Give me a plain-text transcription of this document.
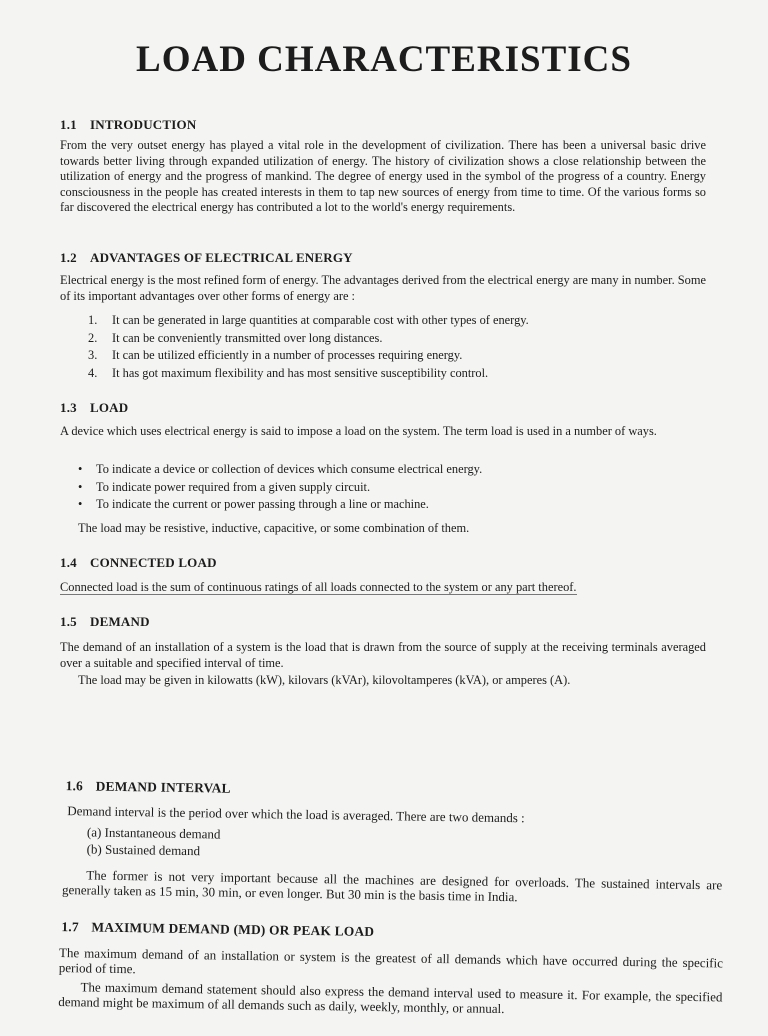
LOAD CHARACTERISTICS
1.1 INTRODUCTION
From the very outset energy has played a vital role in the development of civilization. There has been a universal basic drive towards better living through expanded utilization of energy. The history of civilization shows a close relationship between the utilization of energy and the progress of mankind. The degree of energy used in the symbol of the progress of a country. Energy consciousness in the people has created interests in them to tap new sources of energy from time to time. Of the various forms so far discovered the electrical energy has contributed a lot to the world's energy requirements.
1.2 ADVANTAGES OF ELECTRICAL ENERGY
Electrical energy is the most refined form of energy. The advantages derived from the electrical energy are many in number. Some of its important advantages over other forms of energy are :
1. It can be generated in large quantities at comparable cost with other types of energy.
2. It can be conveniently transmitted over long distances.
3. It can be utilized efficiently in a number of processes requiring energy.
4. It has got maximum flexibility and has most sensitive susceptibility control.
1.3 LOAD
A device which uses electrical energy is said to impose a load on the system. The term load is used in a number of ways.
• To indicate a device or collection of devices which consume electrical energy.
• To indicate power required from a given supply circuit.
• To indicate the current or power passing through a line or machine.
The load may be resistive, inductive, capacitive, or some combination of them.
1.4 CONNECTED LOAD
Connected load is the sum of continuous ratings of all loads connected to the system or any part thereof.
1.5 DEMAND
The demand of an installation of a system is the load that is drawn from the source of supply at the receiving terminals averaged over a suitable and specified interval of time.
The load may be given in kilowatts (kW), kilovars (kVAr), kilovoltamperes (kVA), or amperes (A).
1.6 DEMAND INTERVAL
Demand interval is the period over which the load is averaged. There are two demands :
(a) Instantaneous demand
(b) Sustained demand
The former is not very important because all the machines are designed for overloads. The sustained intervals are generally taken as 15 min, 30 min, or even longer. But 30 min is the basis time in India.
1.7 MAXIMUM DEMAND (MD) OR PEAK LOAD
The maximum demand of an installation or system is the greatest of all demands which have occurred during the specific period of time.
The maximum demand statement should also express the demand interval used to measure it. For example, the specified demand might be maximum of all demands such as daily, weekly, monthly, or annual.
